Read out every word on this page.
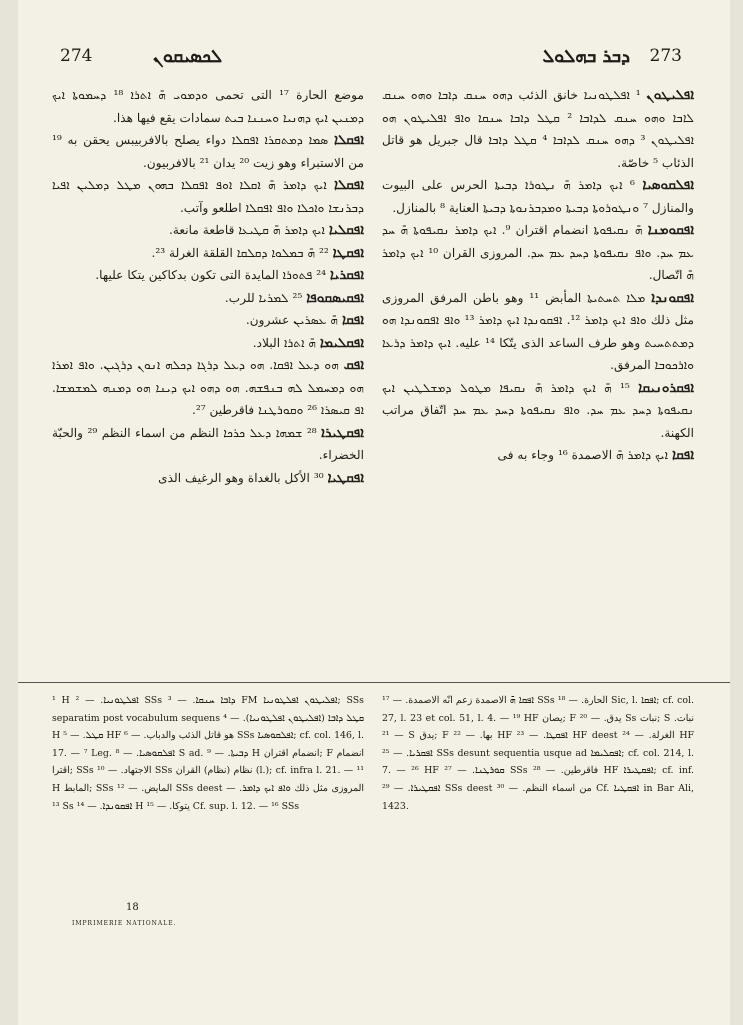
274	ܠܟܣܝܩܘܢ	ܕܒܪ ܒܗܠܘܠ 273

موضع الحارة ¹⁷ التى تحمى ܘܕܡܘܝ ܗ̄ ܐܬܪܐ ¹⁸ ܕܚܡܘܬܐ ܐܝܟ ܕܡܢܝܢ ܐܝܟ ܕܗܢܝܐ ܘܚܢܢܐ ܒܝܬ سمادات يقع فيها هذا.

ܐܦܩܠܐ ܣܡܐ ܕܡܬܩܪܐ ܐܦܩܠܐ دواء يصلح بالافربيبس يحقن به ¹⁹ من الاستبراء وهو زيت ²⁰ يدان ²¹ بالافربيون.

ܐܦܩܠܐ ܐܝܟ ܕܐܡܪ ܗ̄ ܐܩܠܐ ܐܘܦ ܐܦܩܠܐ ܒܗܘܢ ܡܛܠ ܕܡܠܝܢ ܐܦܝܐ ܕܒܪܢܫܐ ܘܐܟܠܐ ܘܐܦ ܐܦܩܠܐ اطلعو وآتب.

ܐܦܩܠܝܐ ܐܝܟ ܕܐܡܪ ܗ̄ ܩܛܝܥܐ قاطعة مانعة.

ܐܦܩܛܐ ²² ܗ̄ ܒܡܠܘܐ ܕܩܠܩܐ القلقة الغرلة ²³.

ܐܦܩܪܝܐ ²⁴ ܦܬܘܪܐ المايدة التى تكون بدكاكين يتكا عليها.

ܐܦܩܝܣܩܘܦܐ ²⁵ ܠܡܪܝܐ للرب.

ܐܦܩܐ ܗ̄ ܥܣܪܝܢ عشرون.

ܐܦܩܠܝܡܐ ܗ̄ ܐܬܪܐ البلاد.

ܐܦܩ ܗܘ ܕܥܠ ܐܦܩܐ. ܗܘ ܕܥܠ ܕܪܓܐ ܕܟܠܗ ܐܢܘܢ ܕܪܓܝܢ. ܘܐܦ ܐܡܪܐ ܗܘ ܕܡܚܡܠ ܠܗ ܒܢܦܫܗ. ܗܘ ܕܗܘ ܐܝܟ ܕܝܢܐ ܗܘ ܕܡܢܗ ܠܡܫܡܫܐ. ܐܦ ܩܝܣܪܐ ²⁶ ܘܩܘܪܛܢܐ فاقرطين ²⁷.

ܐܦܩܛܝܪܐ ²⁸ ܫܡܗܐ ܕܥܠ ܟܪܟܐ النظم من اسماء النظم ²⁹ والحبّة الخضراء.

ܐܦܩܛܝܐ ³⁰ الأكل بالغداة وهو الرغيف الذى

ܐܦܠܝܛܘܢ ¹ ܐܦܠܛܘܢܝܐ خانق الذئب ܕܗܘ ܚܢܩ ܕܐܒܐ ܘܗܘ ܚܢܩ ܠܐܒܐ ܘܗܘ ܚܢܩ ܠܕܐܒܐ ² ܩܛܠ ܕܐܒܐ ܚܢܩܐ ܘܐܦ ܐܦܠܝܛܘܢ ܗܘ ܐܦܠܝܛܘܢ ³ ܕܗܘ ܚܢܩ ܠܕܐܒܐ ⁴ ܩܛܠ ܕܐܒܐ قال جبريل هو قاتل الذئاب ⁵ خاصّة.

ܐܦܠܩܘܣܝܐ ⁶ ܐܝܟ ܕܐܡܪ ܗ̄ ܢܛܘܪܐ ܕܒܝܬܐ الحرس على البيوت والمنازل ⁷ ܘܢܛܘܪܘܬܐ ܕܒܝܬܐ ܘܡܕܒܪܢܘܬܐ ܕܒܝܬܐ العناية ⁸ بالمنازل.

ܐܦܩܘܡܢܐ ܗ̄ ܢܩܝܦܘܬܐ انضمام اقتران ⁹. ܐܝܟ ܕܐܡܪ ܢܩܝܦܘܬܐ ܗ̄ ܚܕ ܥܡ ܚܕ. ܘܐܦ ܢܩܝܦܘܬܐ ܕܚܕ ܥܡ ܚܕ. المروزى القران ¹⁰ ܐܝܟ ܕܐܡܪ ܗ̄ اتّصال.

ܐܦܩܘܢܕܐ ܡܠܐ ܬܚܬܝܬܐ المأبض ¹¹ وهو باطن المرفق المروزى مثل ذلك ܘܐܦ ܐܝܟ ܕܐܡܪ ¹². ܐܦܩܘܢܕܐ ܐܝܟ ܕܐܡܪ ¹³ ܘܐܦ ܐܦܩܘܢܕܐ ܗܘ ܕܡܬܬܚܝܬ وهو طرف الساعد الذى يتّكا ¹⁴ عليه. ܐܝܟ ܕܐܡܪ ܕܪܥܐ ܘܐܪܟܘܒܐ المرفق.

ܐܦܩܪܘܢܝܩܐ ¹⁵ ܗ̄ ܐܝܟ ܕܐܡܪ ܗ̄ ܢܩܝܦܐ ܡܛܘܠ ܕܡܫܠܛܝܢ ܐܝܟ ܢܩܝܦܘܬܐ ܕܚܕ ܥܡ ܚܕ. ܘܐܦ ܢܩܝܦܘܬܐ ܕܚܕ ܥܡ ܚܕ اتّفاق مراتب الكهنة.

ܐܦܩܐ ܐܝܟ ܕܐܡܪ ܗ̄ الاصمدة ¹⁶ وجاء به فى

¹ H ܐܦܠܛܘܢܝܐ. — ² SSs ܕܐܒܐ ܚܢܩܐ. — ³ FM ܐܦܠܝܛܘܢ ܐܦܠܛܘܢܝܐ; SSs separatim post vocabulum sequens ܩܛܠ ܕܐܒܐ (ܐܦܠܝܛܘܢ ܐܦܠܛܘܢܝܐ). — ⁴ H ܩܛܠ. — ⁵ HF هو قاتل الذئب والدباب. — ⁶ SSs ܐܦܠܩܘܣܝܐ; cf. col. 146, l. 17. — ⁷ Leg. ܐܦܠܩܘܣܝܐ. — ⁸ S ad. ܕܒܝܬܐ. — ⁹ H انضمام اقتران; F انضمام اقترا; SSs الاجتهاد. — ¹⁰ SSs نظام (نظام) القران (l.); cf. infra l. 21. — ¹¹ H المابط; SSs المايض. — ¹² SSs deest المروزى مثل ذلك ܘܐܦ ܐܝܟ ܕܐܡܪ. — ¹³ Ss ܐܦܩܘܢܕܐ. — ¹⁴ H يتوكا. — ¹⁵ Cf. sup. l. 12. — ¹⁶ SSs

ܐܦܩܐ ܗ̄ الاصمدة زعم انّه الاصمدة. — ¹⁷ SSs الحارة. — ¹⁸ Sic, l. ܐܦܩܐ; cf. col. 27, l. 23 et col. 51, l. 4. — ¹⁹ HF يصان; F يدق. — ²⁰ Ss نبات; S نبات. — ²¹ S يدق; F بها. — ²² HF ܐܦܩܛܐ. — ²³ HF deest الغرلة. — ²⁴ HF ܐܦܩܪܝܐ. — ²⁵ SSs desunt sequentia usque ad ܐܦܩܠܝܡܐ; cf. col. 214, l. 7. — ²⁶ HF ܩܘܪܛܢܐ. — ²⁷ SSs فاقرطين. — ²⁸ HF ܐܦܩܛܝܪܐ; cf. inf. ܐܦܩܛܝܪܐ. — ²⁹ SSs deest من اسماء النظم. — ³⁰ Cf. ܐܦܩܛܝܐ in Bar Ali, 1423.

18
IMPRIMERIE NATIONALE.
